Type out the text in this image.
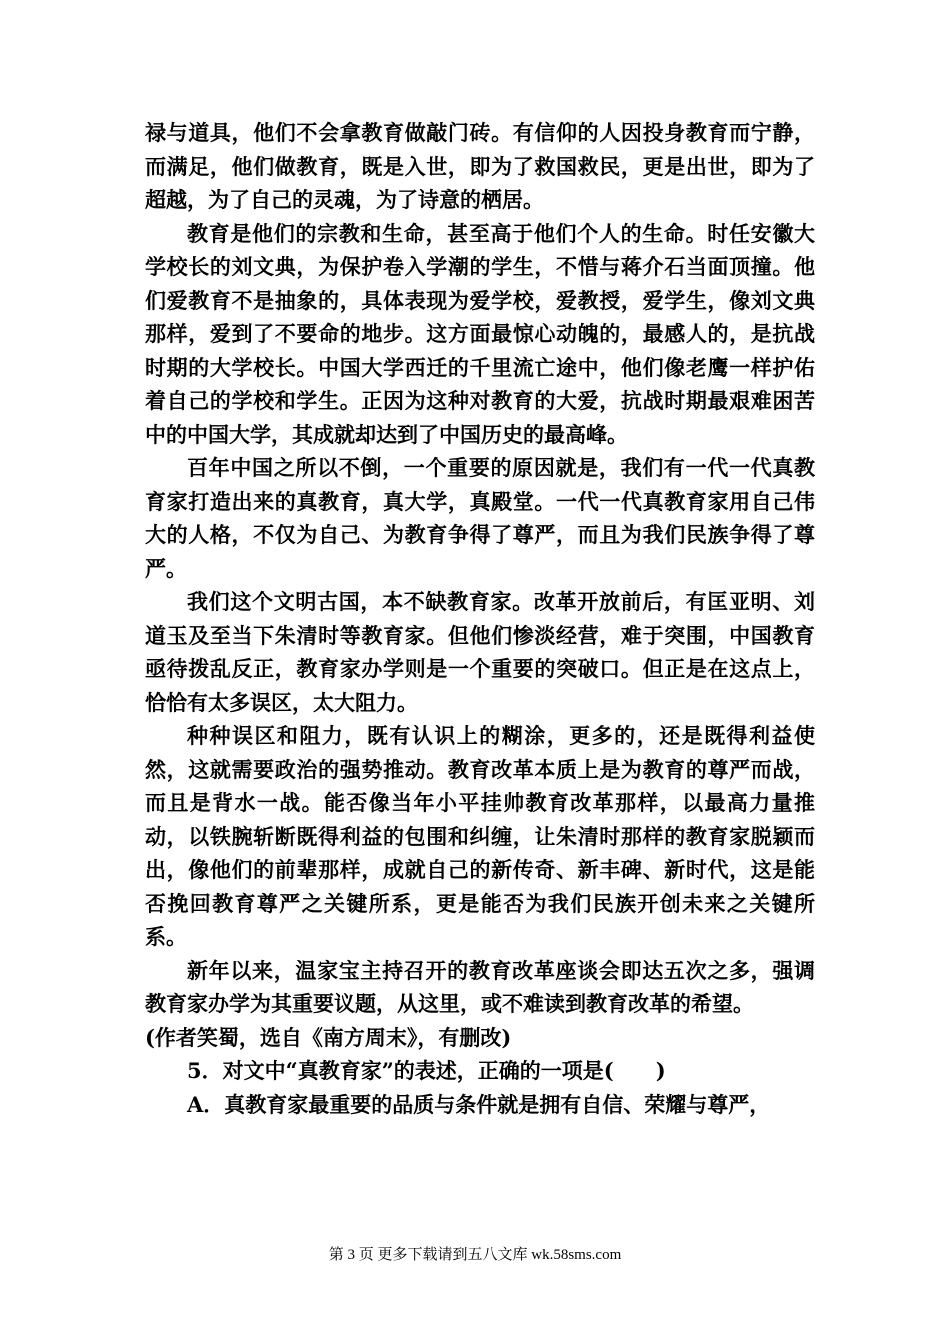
禄与道具，他们不会拿教育做敲门砖。有信仰的人因投身教育而宁静，而满足，他们做教育，既是入世，即为了救国救民，更是出世，即为了超越，为了自己的灵魂，为了诗意的栖居。

教育是他们的宗教和生命，甚至高于他们个人的生命。时任安徽大学校长的刘文典，为保护卷入学潮的学生，不惜与蒋介石当面顶撞。他们爱教育不是抽象的，具体表现为爱学校，爱教授，爱学生，像刘文典那样，爱到了不要命的地步。这方面最惊心动魄的，最感人的，是抗战时期的大学校长。中国大学西迁的千里流亡途中，他们像老鹰一样护佑着自己的学校和学生。正因为这种对教育的大爱，抗战时期最艰难困苦中的中国大学，其成就却达到了中国历史的最高峰。

百年中国之所以不倒，一个重要的原因就是，我们有一代一代真教育家打造出来的真教育，真大学，真殿堂。一代一代真教育家用自己伟大的人格，不仅为自己、为教育争得了尊严，而且为我们民族争得了尊严。

我们这个文明古国，本不缺教育家。改革开放前后，有匡亚明、刘道玉及至当下朱清时等教育家。但他们惨淡经营，难于突围，中国教育亟待拨乱反正，教育家办学则是一个重要的突破口。但正是在这点上，恰恰有太多误区，太大阻力。

种种误区和阻力，既有认识上的糊涂，更多的，还是既得利益使然，这就需要政治的强势推动。教育改革本质上是为教育的尊严而战，而且是背水一战。能否像当年小平挂帅教育改革那样，以最高力量推动，以铁腕斩断既得利益的包围和纠缠，让朱清时那样的教育家脱颖而出，像他们的前辈那样，成就自己的新传奇、新丰碑、新时代，这是能否挽回教育尊严之关键所系，更是能否为我们民族开创未来之关键所系。

新年以来，温家宝主持召开的教育改革座谈会即达五次之多，强调教育家办学为其重要议题，从这里，或不难读到教育改革的希望。

(作者笑蜀，选自《南方周末》，有删改)

5．对文中“真教育家”的表述，正确的一项是(　　)

A．真教育家最重要的品质与条件就是拥有自信、荣耀与尊严，

第 3 页 更多下载请到五八文库 wk.58sms.com
